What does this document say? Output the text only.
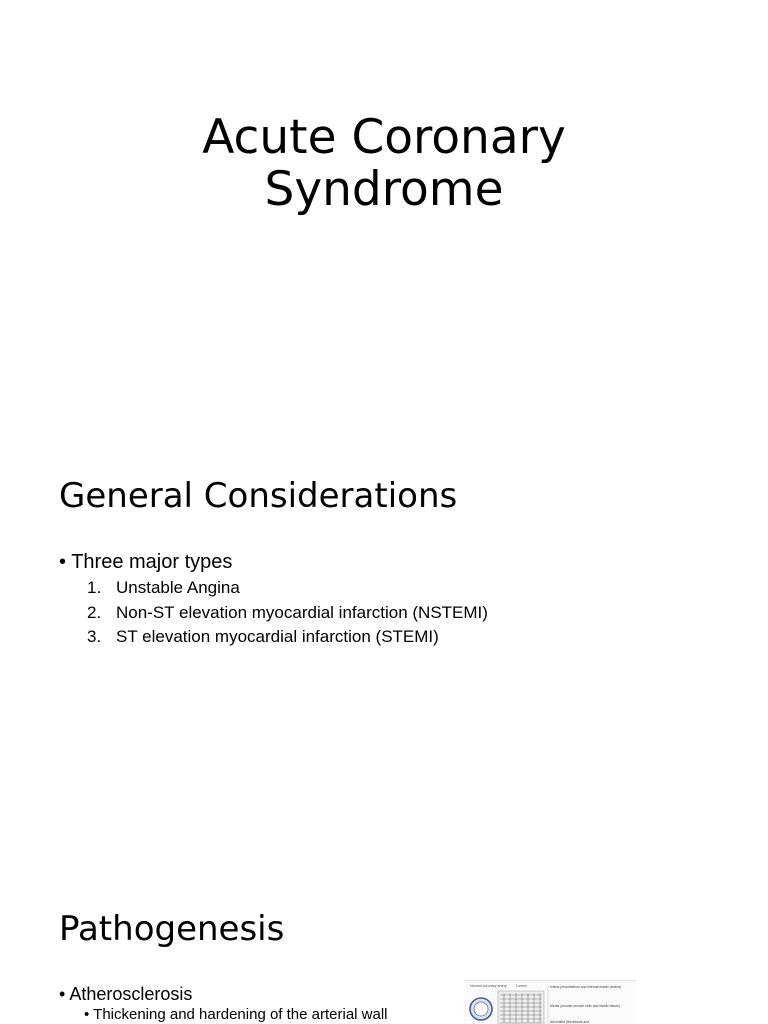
Acute Coronary
Syndrome
General Considerations
• Three major types
1. Unstable Angina
2. Non-ST elevation myocardial infarction (NSTEMI)
3. ST elevation myocardial infarction (STEMI)
Pathogenesis
• Atherosclerosis
• Thickening and hardening of the arterial wall
Normal coronary artery	Lumen	Intima (endothelium and internal elastic lamina)
Media (smooth muscle cells and elastic tissue)
Adventitia (fibroblasts and
